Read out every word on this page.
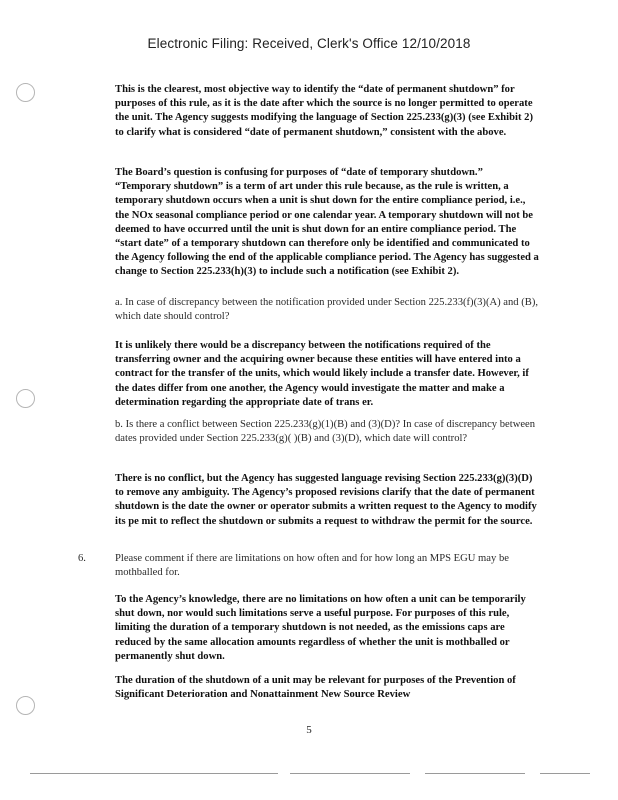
Electronic Filing: Received, Clerk's Office 12/10/2018

This is the clearest, most objective way to identify the “date of permanent shutdown” for purposes of this rule, as it is the date after which the source is no longer permitted to operate the unit. The Agency suggests modifying the language of Section 225.233(g)(3) (see Exhibit 2) to clarify what is considered “date of permanent shutdown,” consistent with the above.

The Board’s question is confusing for purposes of “date of temporary shutdown.” “Temporary shutdown” is a term of art under this rule because, as the rule is written, a temporary shutdown occurs when a unit is shut down for the entire compliance period, i.e., the NOx seasonal compliance period or one calendar year. A temporary shutdown will not be deemed to have occurred until the unit is shut down for an entire compliance period. The “start date” of a temporary shutdown can therefore only be identified and communicated to the Agency following the end of the applicable compliance period. The Agency has suggested a change to Section 225.233(h)(3) to include such a notification (see Exhibit 2).

a. In case of discrepancy between the notification provided under Section 225.233(f)(3)(A) and (B), which date should control?

It is unlikely there would be a discrepancy between the notifications required of the transferring owner and the acquiring owner because these entities will have entered into a contract for the transfer of the units, which would likely include a transfer date. However, if the dates differ from one another, the Agency would investigate the matter and make a determination regarding the appropriate date of trans er.

b. Is there a conflict between Section 225.233(g)(1)(B) and (3)(D)? In case of discrepancy between dates provided under Section 225.233(g)( )(B) and (3)(D), which date will control?

There is no conflict, but the Agency has suggested language revising Section 225.233(g)(3)(D) to remove any ambiguity. The Agency’s proposed revisions clarify that the date of permanent shutdown is the date the owner or operator submits a written request to the Agency to modify its pe mit to reflect the shutdown or submits a request to withdraw the permit for the source.

6.	Please comment if there are limitations on how often and for how long an MPS EGU may be mothballed for.

To the Agency’s knowledge, there are no limitations on how often a unit can be temporarily shut down, nor would such limitations serve a useful purpose. For purposes of this rule, limiting the duration of a temporary shutdown is not needed, as the emissions caps are reduced by the same allocation amounts regardless of whether the unit is mothballed or permanently shut down.

The duration of the shutdown of a unit may be relevant for purposes of the Prevention of Significant Deterioration and Nonattainment New Source Review

5
